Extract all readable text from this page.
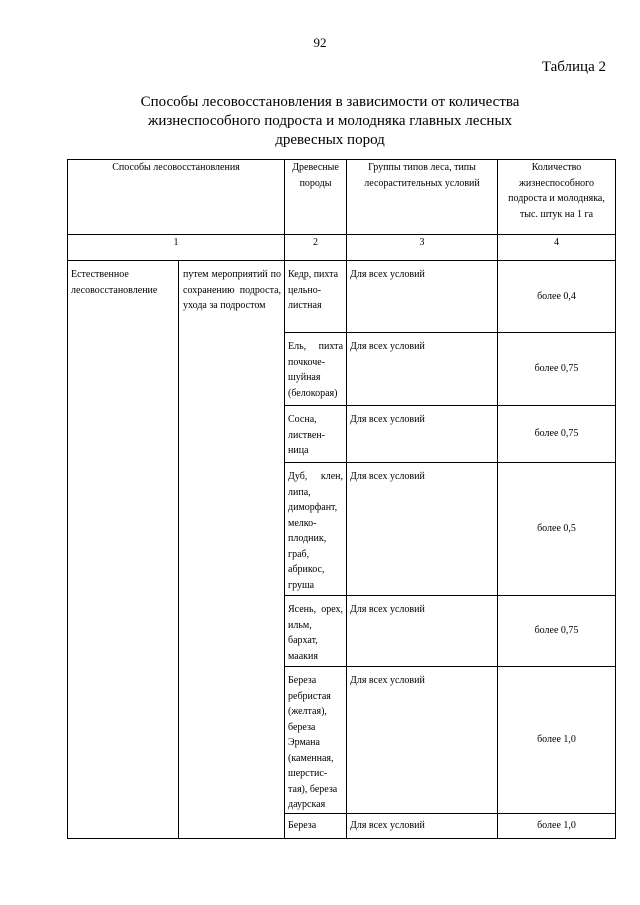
92
Таблица 2
Способы лесовосстановления в зависимости от количества жизнеспособного подроста и молодняка главных лесных древесных пород
Способы лесовосстановления		Древесные породы	Группы типов леса, типы лесорастительных условий	Количество жизнеспособного подроста и молодняка, тыс. штук на 1 га

1		2	3	4
Естественное лесовосстановление	путем мероприятий по сохранению подроста, ухода за подростом	Кедр, пихта цельно-листная	Для всех условий	более 0,4
		Ель, пихта почкоче-шуйная (белокорая)	Для всех условий	более 0,75
		Сосна, листвен-ница	Для всех условий	более 0,75
		Дуб, клен, липа, диморфант, мелко-плодник, граб, абрикос, груша	Для всех условий	более 0,5
		Ясень, орех, ильм, бархат, маакия	Для всех условий	более 0,75
		Береза ребристая (желтая), береза Эрмана (каменная, шерстис-тая), береза даурская	Для всех условий	более 1,0
		Береза	Для всех условий	более 1,0
